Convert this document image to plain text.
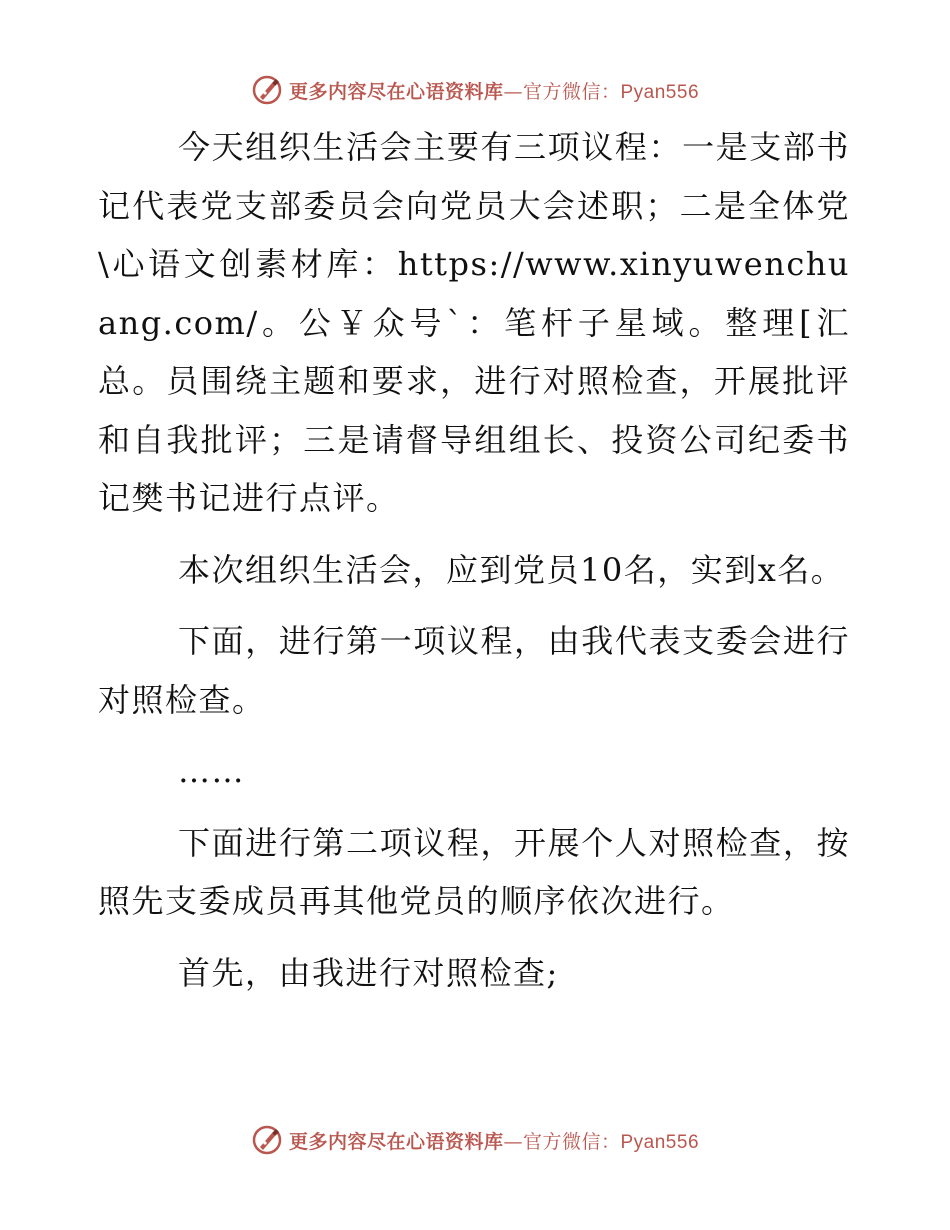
更多内容尽在心语资料库—官方微信：Pyan556

今天组织生活会主要有三项议程：一是支部书记代表党支部委员会向党员大会述职；二是全体党\心语文创素材库：https://www.xinyuwenchuang.com/。公￥众号`：笔杆子星域。整理[汇总。员围绕主题和要求，进行对照检查，开展批评和自我批评；三是请督导组组长、投资公司纪委书记樊书记进行点评。

本次组织生活会，应到党员10名，实到x名。

下面，进行第一项议程，由我代表支委会进行对照检查。

……

下面进行第二项议程，开展个人对照检查，按照先支委成员再其他党员的顺序依次进行。

首先，由我进行对照检查;

更多内容尽在心语资料库—官方微信：Pyan556
